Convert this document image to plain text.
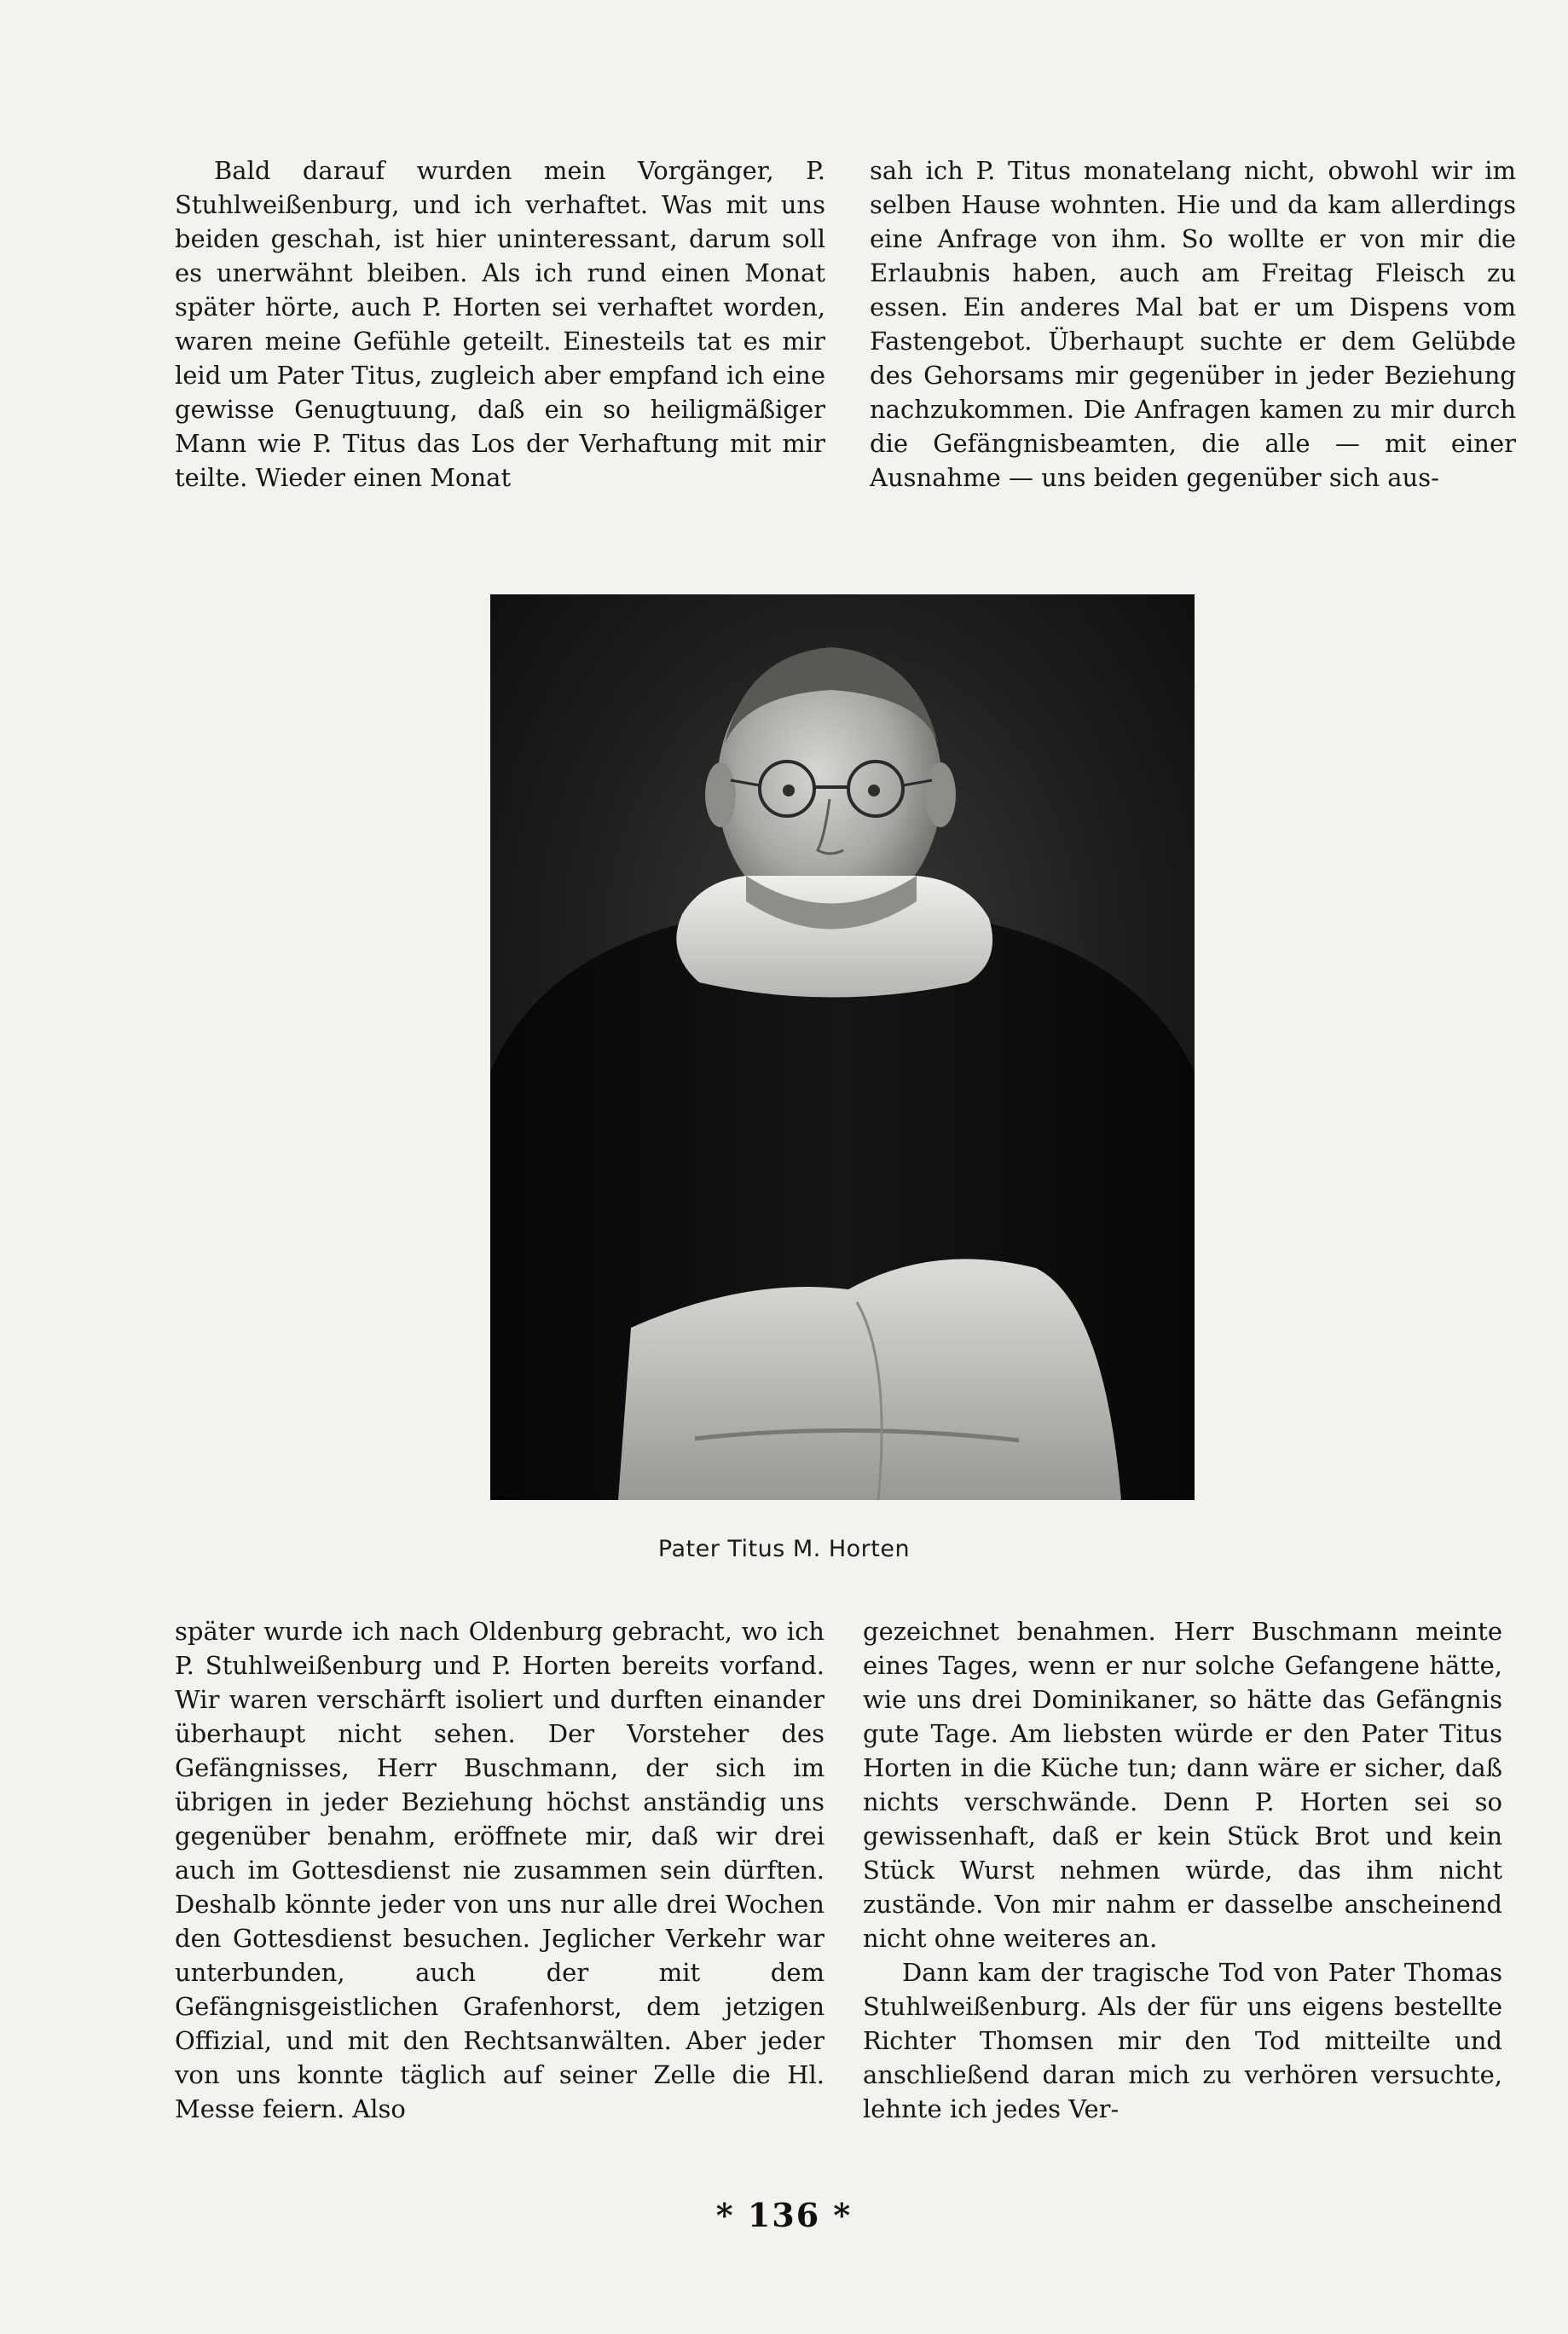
Bald darauf wurden mein Vorgänger, P. Stuhlweißenburg, und ich verhaftet. Was mit uns beiden geschah, ist hier uninteressant, darum soll es unerwähnt bleiben. Als ich rund einen Monat später hörte, auch P. Horten sei verhaftet worden, waren meine Gefühle geteilt. Einesteils tat es mir leid um Pater Titus, zugleich aber empfand ich eine gewisse Genugtuung, daß ein so heiligmäßiger Mann wie P. Titus das Los der Verhaftung mit mir teilte. Wieder einen Monat

sah ich P. Titus monatelang nicht, obwohl wir im selben Hause wohnten. Hie und da kam allerdings eine Anfrage von ihm. So wollte er von mir die Erlaubnis haben, auch am Freitag Fleisch zu essen. Ein anderes Mal bat er um Dispens vom Fastengebot. Überhaupt suchte er dem Gelübde des Gehorsams mir gegenüber in jeder Beziehung nachzukommen. Die Anfragen kamen zu mir durch die Gefängnisbeamten, die alle — mit einer Ausnahme — uns beiden gegenüber sich aus-

Pater Titus M. Horten

später wurde ich nach Oldenburg gebracht, wo ich P. Stuhlweißenburg und P. Horten bereits vorfand. Wir waren verschärft isoliert und durften einander überhaupt nicht sehen. Der Vorsteher des Gefängnisses, Herr Buschmann, der sich im übrigen in jeder Beziehung höchst anständig uns gegenüber benahm, eröffnete mir, daß wir drei auch im Gottesdienst nie zusammen sein dürften. Deshalb könnte jeder von uns nur alle drei Wochen den Gottesdienst besuchen. Jeglicher Verkehr war unterbunden, auch der mit dem Gefängnisgeistlichen Grafenhorst, dem jetzigen Offizial, und mit den Rechtsanwälten. Aber jeder von uns konnte täglich auf seiner Zelle die Hl. Messe feiern. Also

gezeichnet benahmen. Herr Buschmann meinte eines Tages, wenn er nur solche Gefangene hätte, wie uns drei Dominikaner, so hätte das Gefängnis gute Tage. Am liebsten würde er den Pater Titus Horten in die Küche tun; dann wäre er sicher, daß nichts verschwände. Denn P. Horten sei so gewissenhaft, daß er kein Stück Brot und kein Stück Wurst nehmen würde, das ihm nicht zustände. Von mir nahm er dasselbe anscheinend nicht ohne weiteres an.

Dann kam der tragische Tod von Pater Thomas Stuhlweißenburg. Als der für uns eigens bestellte Richter Thomsen mir den Tod mitteilte und anschließend daran mich zu verhören versuchte, lehnte ich jedes Ver-

* 136 *
